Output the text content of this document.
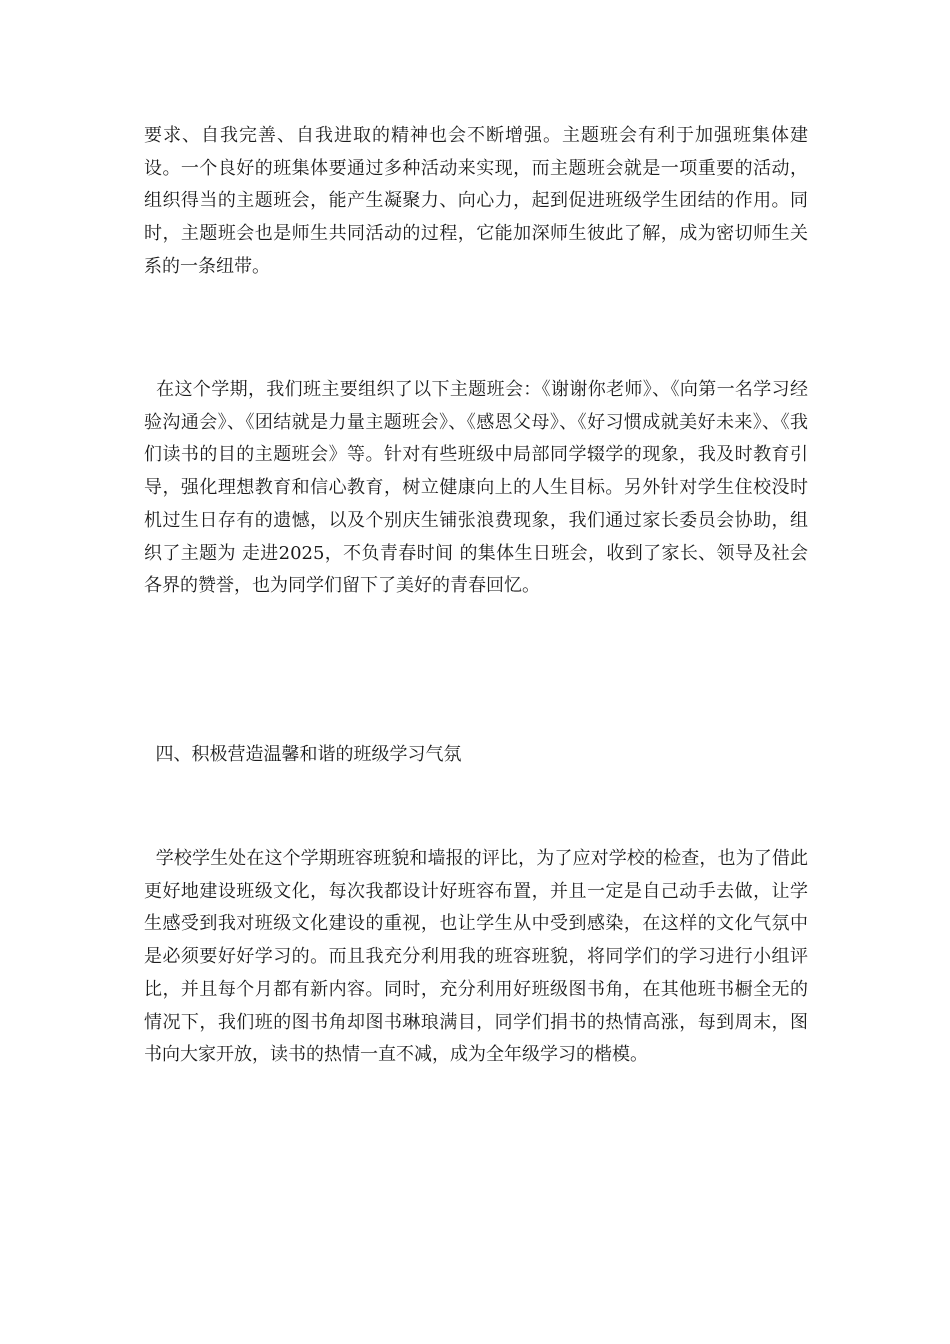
要求、自我完善、自我进取的精神也会不断增强。主题班会有利于加强班集体建设。一个良好的班集体要通过多种活动来实现，而主题班会就是一项重要的活动，组织得当的主题班会，能产生凝聚力、向心力，起到促进班级学生团结的作用。同时，主题班会也是师生共同活动的过程，它能加深师生彼此了解，成为密切师生关系的一条纽带。

在这个学期，我们班主要组织了以下主题班会：《谢谢你老师》、《向第一名学习经验沟通会》、《团结就是力量主题班会》、《感恩父母》、《好习惯成就美好未来》、《我们读书的目的主题班会》等。针对有些班级中局部同学辍学的现象，我及时教育引导，强化理想教育和信心教育，树立健康向上的人生目标。另外针对学生住校没时机过生日存有的遗憾，以及个别庆生铺张浪费现象，我们通过家长委员会协助，组织了主题为 走进2025，不负青春时间 的集体生日班会，收到了家长、领导及社会各界的赞誉，也为同学们留下了美好的青春回忆。

四、积极营造温馨和谐的班级学习气氛

学校学生处在这个学期班容班貌和墙报的评比，为了应对学校的检查，也为了借此更好地建设班级文化，每次我都设计好班容布置，并且一定是自己动手去做，让学生感受到我对班级文化建设的重视，也让学生从中受到感染，在这样的文化气氛中是必须要好好学习的。而且我充分利用我的班容班貌，将同学们的学习进行小组评比，并且每个月都有新内容。同时，充分利用好班级图书角，在其他班书橱全无的情况下，我们班的图书角却图书琳琅满目，同学们捐书的热情高涨，每到周末，图书向大家开放，读书的热情一直不减，成为全年级学习的楷模。
